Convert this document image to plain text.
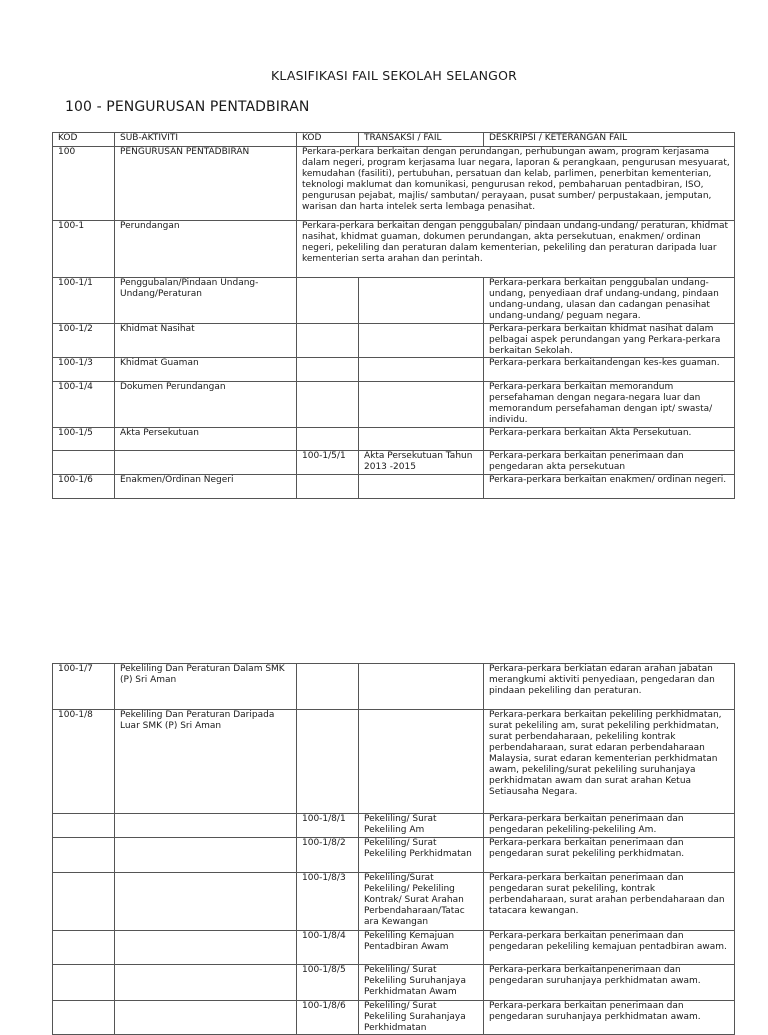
KLASIFIKASI FAIL SEKOLAH SELANGOR
100 - PENGURUSAN PENTADBIRAN
KOD	SUB-AKTIVITI	KOD	TRANSAKSI / FAIL	DESKRIPSI / KETERANGAN FAIL
100	PENGURUSAN PENTADBIRAN	Perkara-perkara berkaitan dengan perundangan, perhubungan awam, program kerjasama dalam negeri, program kerjasama luar negara, laporan & perangkaan, pengurusan mesyuarat, kemudahan (fasiliti), pertubuhan, persatuan dan kelab, parlimen, penerbitan kementerian, teknologi maklumat dan komunikasi, pengurusan rekod, pembaharuan pentadbiran, ISO, pengurusan pejabat, majlis/ sambutan/ perayaan, pusat sumber/ perpustakaan, jemputan, warisan dan harta intelek serta lembaga penasihat.		
100-1	Perundangan	Perkara-perkara berkaitan dengan penggubalan/ pindaan undang-undang/ peraturan, khidmat nasihat, khidmat guaman, dokumen perundangan, akta persekutuan, enakmen/ ordinan negeri, pekeliling dan peraturan dalam kementerian, pekeliling dan peraturan daripada luar kementerian serta arahan dan perintah.		
100-1/1	Penggubalan/Pindaan Undang-Undang/Peraturan			Perkara-perkara berkaitan penggubalan undang-undang, penyediaan draf undang-undang, pindaan undang-undang, ulasan dan cadangan penasihat undang-undang/ peguam negara.
100-1/2	Khidmat Nasihat			Perkara-perkara berkaitan khidmat nasihat dalam pelbagai aspek perundangan yang Perkara-perkara berkaitan Sekolah.
100-1/3	Khidmat Guaman			Perkara-perkara berkaitandengan kes-kes guaman.
100-1/4	Dokumen Perundangan			Perkara-perkara berkaitan memorandum persefahaman dengan negara-negara luar dan memorandum persefahaman dengan ipt/ swasta/ individu.
100-1/5	Akta Persekutuan			Perkara-perkara berkaitan Akta Persekutuan.
		100-1/5/1	Akta Persekutuan Tahun 2013 -2015	Perkara-perkara berkaitan penerimaan dan pengedaran akta persekutuan
100-1/6	Enakmen/Ordinan Negeri			Perkara-perkara berkaitan enakmen/ ordinan negeri.
100-1/7	Pekeliling Dan Peraturan Dalam SMK (P) Sri Aman			Perkara-perkara berkiatan edaran arahan jabatan merangkumi aktiviti penyediaan, pengedaran dan pindaan pekeliling dan peraturan.
100-1/8	Pekeliling Dan Peraturan Daripada Luar SMK (P) Sri Aman			Perkara-perkara berkaitan pekeliling perkhidmatan, surat pekeliling am, surat pekeliling perkhidmatan, surat perbendaharaan, pekeliling kontrak perbendaharaan, surat edaran perbendaharaan Malaysia, surat edaran kementerian perkhidmatan awam, pekeliling/surat pekeliling suruhanjaya perkhidmatan awam dan surat arahan Ketua Setiausaha Negara.
		100-1/8/1	Pekeliling/ Surat Pekeliling Am	Perkara-perkara berkaitan penerimaan dan pengedaran pekeliling-pekeliling Am.
		100-1/8/2	Pekeliling/ Surat Pekeliling Perkhidmatan	Perkara-perkara berkaitan penerimaan dan pengedaran surat pekeliling perkhidmatan.
		100-1/8/3	Pekeliling/Surat Pekeliling/ Pekeliling Kontrak/ Surat Arahan Perbendaharaan/Tatac ara Kewangan	Perkara-perkara berkaitan penerimaan dan pengedaran surat pekeliling, kontrak perbendaharaan, surat arahan perbendaharaan dan tatacara kewangan.
		100-1/8/4	Pekeliling Kemajuan Pentadbiran Awam	Perkara-perkara berkaitan penerimaan dan pengedaran pekeliling kemajuan pentadbiran awam.
		100-1/8/5	Pekeliling/ Surat Pekeliling Suruhanjaya Perkhidmatan Awam	Perkara-perkara berkaitanpenerimaan dan pengedaran suruhanjaya perkhidmatan awam.
		100-1/8/6	Pekeliling/ Surat Pekeliling Surahanjaya Perkhidmatan	Perkara-perkara berkaitan penerimaan dan pengedaran suruhanjaya perkhidmatan awam.
